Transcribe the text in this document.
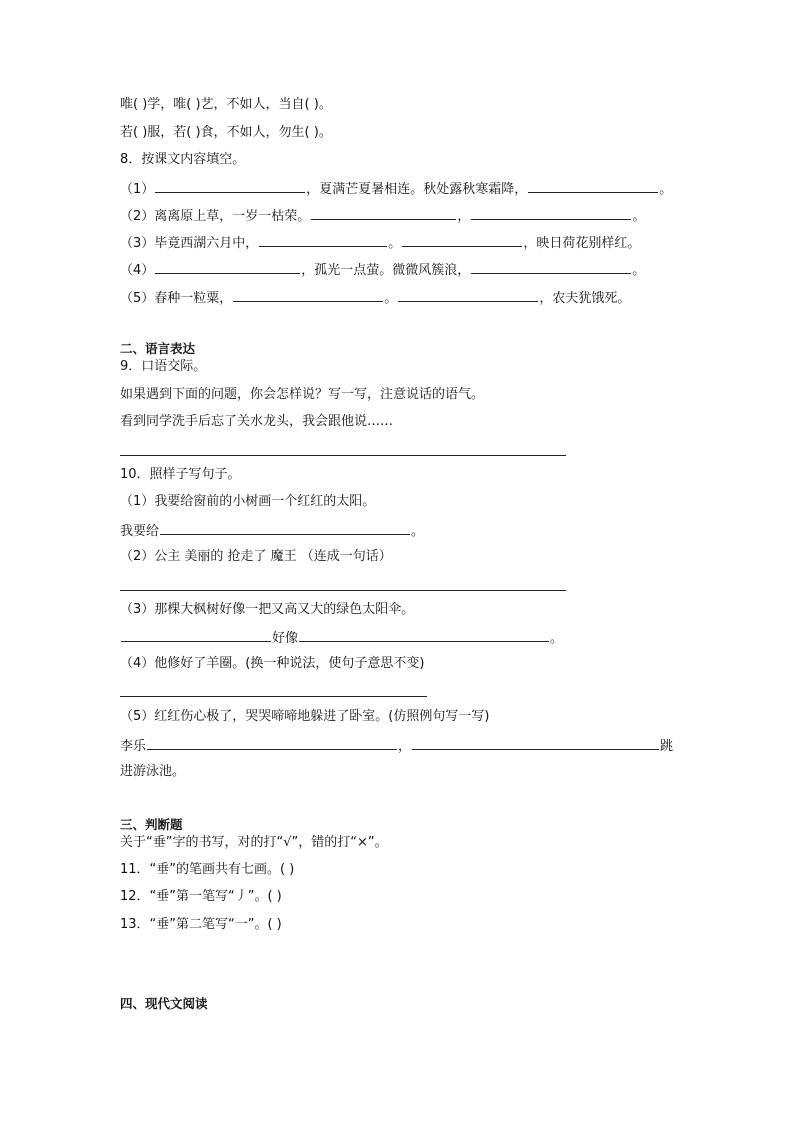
唯( )学，唯( )艺，不如人，当自( )。
若( )服，若( )食，不如人，勿生( )。
8．按课文内容填空。
（1）	，夏满芒夏暑相连。秋处露秋寒霜降，	。
（2）离离原上草，一岁一枯荣。	，	。
（3）毕竟西湖六月中，	。	，映日荷花别样红。
（4）	，孤光一点萤。微微风簇浪，	。
（5）春种一粒粟，	。	，农夫犹饿死。
二、语言表达
9．口语交际。
如果遇到下面的问题，你会怎样说？写一写，注意说话的语气。
看到同学洗手后忘了关水龙头，我会跟他说……
10．照样子写句子。
（1）我要给窗前的小树画一个红红的太阳。
我要给	。
（2）公主 美丽的 抢走了 魔王 （连成一句话）
（3）那棵大枫树好像一把又高又大的绿色太阳伞。
好像	。
（4）他修好了羊圈。(换一种说法，使句子意思不变)
（5）红红伤心极了，哭哭啼啼地躲进了卧室。(仿照例句写一写)
李乐	，	跳
进游泳池。
三、判断题
关于“垂”字的书写，对的打“√”，错的打“×”。
11．“垂”的笔画共有七画。( )
12．“垂”第一笔写“丿”。( )
13．“垂”第二笔写“一”。( )
四、现代文阅读
